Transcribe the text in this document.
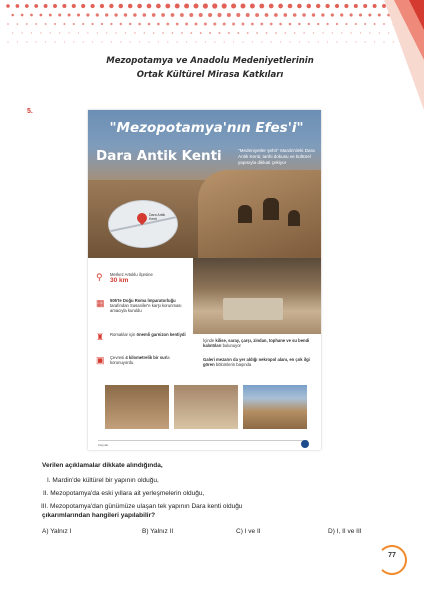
Mezopotamya ve Anadolu Medeniyetlerinin
Ortak Kültürel Mirasa Katkıları
5.
"Mezopotamya'nın Efes'i"
Dara Antik Kenti	"Medeniyetler şehri" Mardin'deki Dara Antik Kenti, tarihi dokusu ve kültürel yapısıyla dikkati çekiyor
Dara Antik Kenti
⚲	Merkez Artuklu ilçesine
30 km
▦	505'te Doğu Roma İmparatorluğu tarafından Sasaniler'e karşı korunması amacıyla kuruldu
♜	Romalılar için önemli garnizon kentiydi
▣	Çevresi 4 kilometrelik bir surla korunuyordu
İçinde kilise, saray, çarşı, zindan, tophane ve su bendi kalıntıları bulunuyor
Galeri mezarın da yer aldığı nekropol alanı, en çok ilgi gören bölümlerin başında
Kaynak:
Verilen açıklamalar dikkate alındığında,
I. Mardin'de kültürel bir yapının olduğu,
II. Mezopotamya'da eski yıllara ait yerleşmelerin olduğu,
III. Mezopotamya'dan günümüze ulaşan tek yapının Dara kenti olduğu
çıkarımlarından hangileri yapılabilir?
A) Yalnız I	B) Yalnız II	C) I ve II	D) I, II ve III
77
